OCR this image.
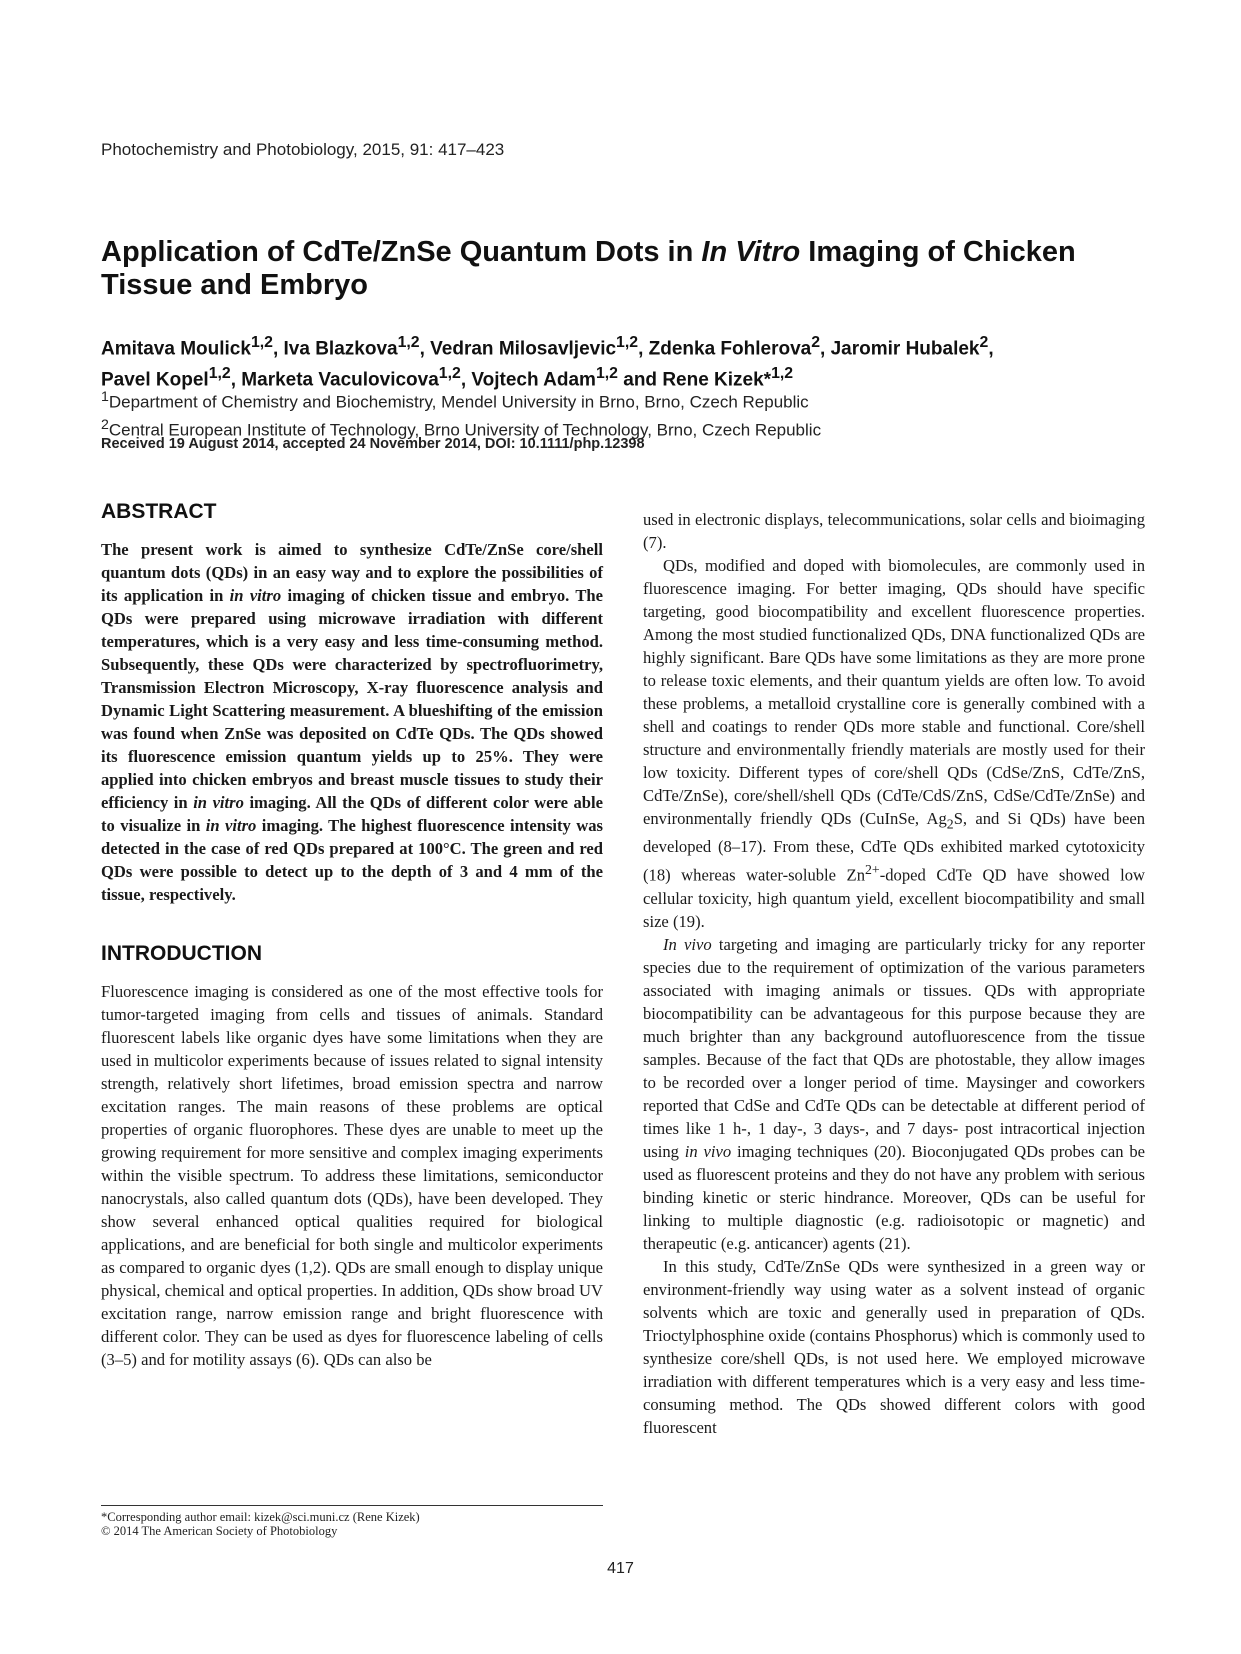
Photochemistry and Photobiology, 2015, 91: 417–423
Application of CdTe/ZnSe Quantum Dots in In Vitro Imaging of Chicken Tissue and Embryo
Amitava Moulick$^{1,2}$, Iva Blazkova$^{1,2}$, Vedran Milosavljevic$^{1,2}$, Zdenka Fohlerova$^2$, Jaromir Hubalek$^2$,
Pavel Kopel$^{1,2}$, Marketa Vaculovicova$^{1,2}$, Vojtech Adam$^{1,2}$ and Rene Kizek*$^{1,2}$
$^1$Department of Chemistry and Biochemistry, Mendel University in Brno, Brno, Czech Republic
$^2$Central European Institute of Technology, Brno University of Technology, Brno, Czech Republic
Received 19 August 2014, accepted 24 November 2014, DOI: 10.1111/php.12398
ABSTRACT

The present work is aimed to synthesize CdTe/ZnSe core/shell quantum dots (QDs) in an easy way and to explore the possibilities of its application in in vitro imaging of chicken tissue and embryo. The QDs were prepared using microwave irradiation with different temperatures, which is a very easy and less time-consuming method. Subsequently, these QDs were characterized by spectrofluorimetry, Transmission Electron Microscopy, X-ray fluorescence analysis and Dynamic Light Scattering measurement. A blueshifting of the emission was found when ZnSe was deposited on CdTe QDs. The QDs showed its fluorescence emission quantum yields up to 25%. They were applied into chicken embryos and breast muscle tissues to study their efficiency in in vitro imaging. All the QDs of different color were able to visualize in in vitro imaging. The highest fluorescence intensity was detected in the case of red QDs prepared at 100°C. The green and red QDs were possible to detect up to the depth of 3 and 4 mm of the tissue, respectively.

INTRODUCTION

Fluorescence imaging is considered as one of the most effective tools for tumor-targeted imaging from cells and tissues of animals. Standard fluorescent labels like organic dyes have some limitations when they are used in multicolor experiments because of issues related to signal intensity strength, relatively short lifetimes, broad emission spectra and narrow excitation ranges. The main reasons of these problems are optical properties of organic fluorophores. These dyes are unable to meet up the growing requirement for more sensitive and complex imaging experiments within the visible spectrum. To address these limitations, semiconductor nanocrystals, also called quantum dots (QDs), have been developed. They show several enhanced optical qualities required for biological applications, and are beneficial for both single and multicolor experiments as compared to organic dyes (1,2). QDs are small enough to display unique physical, chemical and optical properties. In addition, QDs show broad UV excitation range, narrow emission range and bright fluorescence with different color. They can be used as dyes for fluorescence labeling of cells (3–5) and for motility assays (6). QDs can also be

used in electronic displays, telecommunications, solar cells and bioimaging (7).

QDs, modified and doped with biomolecules, are commonly used in fluorescence imaging. For better imaging, QDs should have specific targeting, good biocompatibility and excellent fluorescence properties. Among the most studied functionalized QDs, DNA functionalized QDs are highly significant. Bare QDs have some limitations as they are more prone to release toxic elements, and their quantum yields are often low. To avoid these problems, a metalloid crystalline core is generally combined with a shell and coatings to render QDs more stable and functional. Core/shell structure and environmentally friendly materials are mostly used for their low toxicity. Different types of core/shell QDs (CdSe/ZnS, CdTe/ZnS, CdTe/ZnSe), core/shell/shell QDs (CdTe/CdS/ZnS, CdSe/CdTe/ZnSe) and environmentally friendly QDs (CuInSe, $Ag_2S$, and Si QDs) have been developed (8–17). From these, CdTe QDs exhibited marked cytotoxicity (18) whereas water-soluble $Zn^{2+}$-doped CdTe QD have showed low cellular toxicity, high quantum yield, excellent biocompatibility and small size (19).

In vivo targeting and imaging are particularly tricky for any reporter species due to the requirement of optimization of the various parameters associated with imaging animals or tissues. QDs with appropriate biocompatibility can be advantageous for this purpose because they are much brighter than any background autofluorescence from the tissue samples. Because of the fact that QDs are photostable, they allow images to be recorded over a longer period of time. Maysinger and coworkers reported that CdSe and CdTe QDs can be detectable at different period of times like 1 h-, 1 day-, 3 days-, and 7 days- post intracortical injection using in vivo imaging techniques (20). Bioconjugated QDs probes can be used as fluorescent proteins and they do not have any problem with serious binding kinetic or steric hindrance. Moreover, QDs can be useful for linking to multiple diagnostic (e.g. radioisotopic or magnetic) and therapeutic (e.g. anticancer) agents (21).

In this study, CdTe/ZnSe QDs were synthesized in a green way or environment-friendly way using water as a solvent instead of organic solvents which are toxic and generally used in preparation of QDs. Trioctylphosphine oxide (contains Phosphorus) which is commonly used to synthesize core/shell QDs, is not used here. We employed microwave irradiation with different temperatures which is a very easy and less time-consuming method. The QDs showed different colors with good fluorescent

*Corresponding author email: kizek@sci.muni.cz (Rene Kizek)
© 2014 The American Society of Photobiology
417
